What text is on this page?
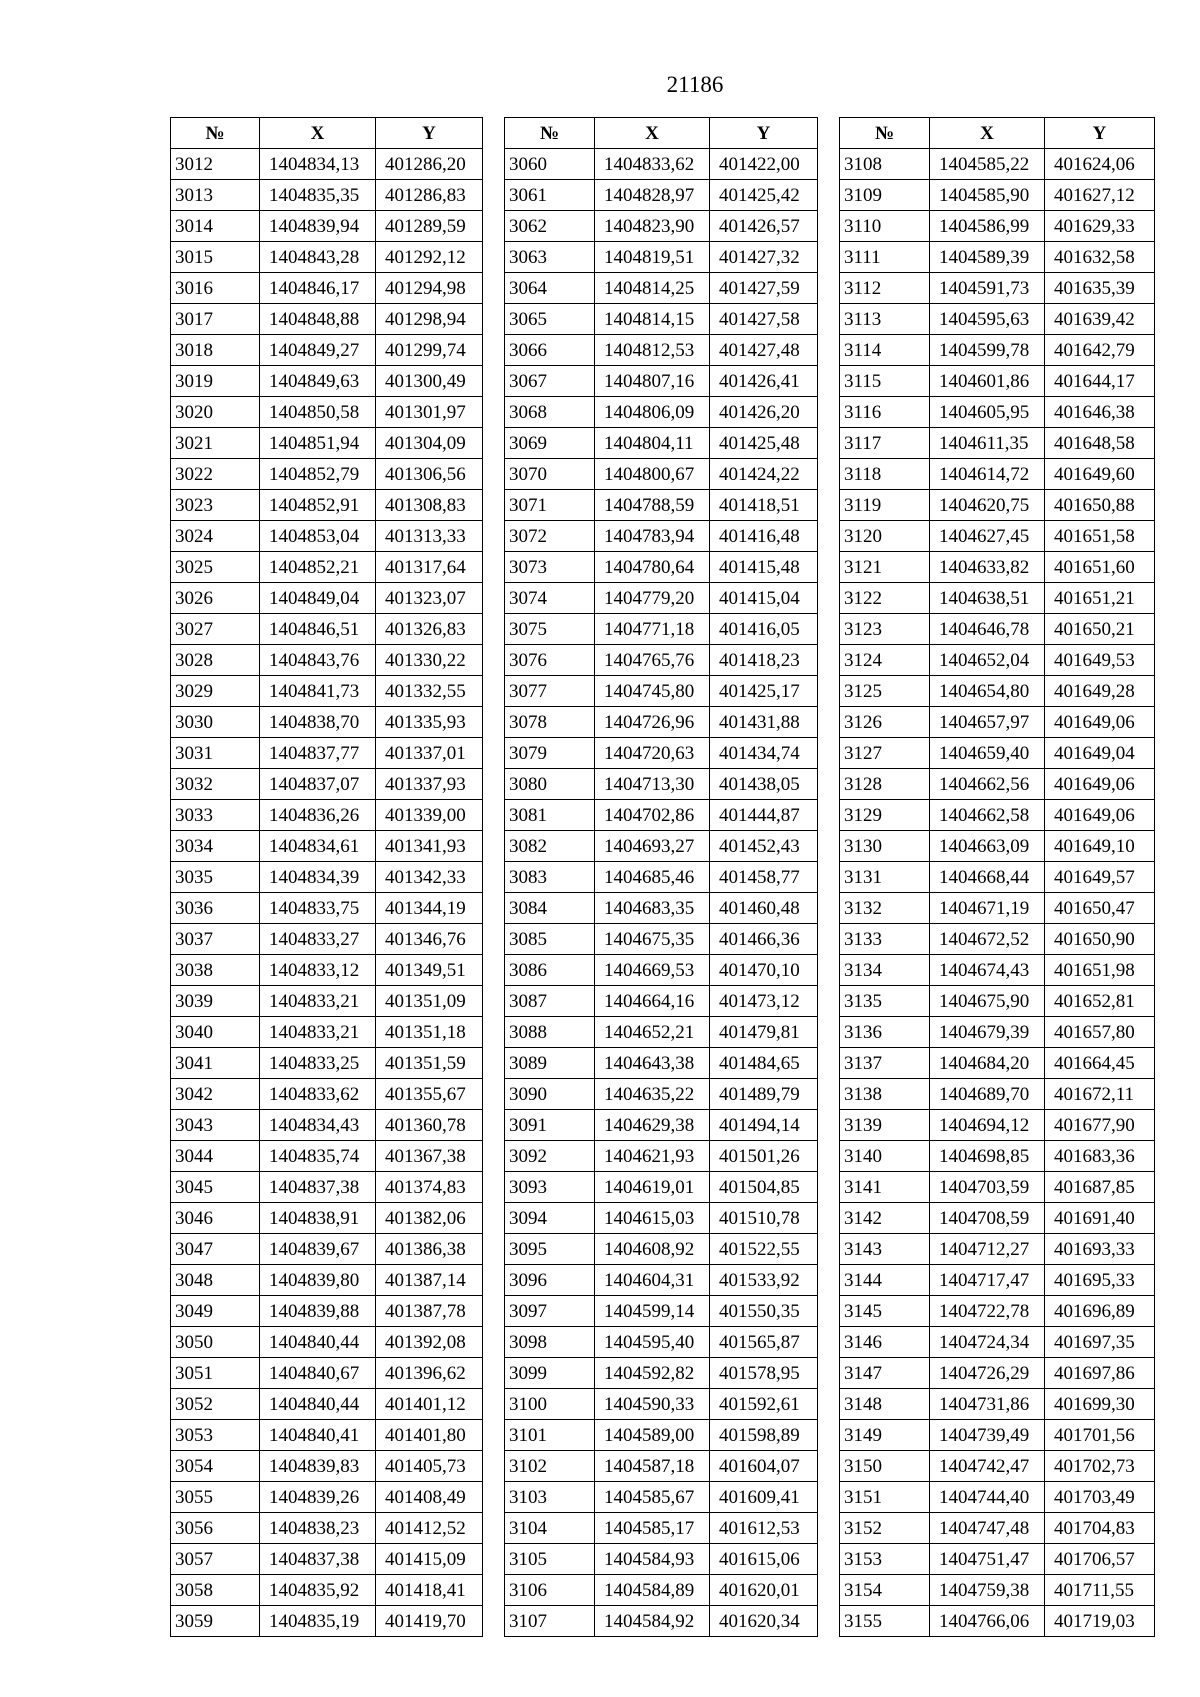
21186
№	X	Y
3012	1404834,13	401286,20
3013	1404835,35	401286,83
3014	1404839,94	401289,59
3015	1404843,28	401292,12
3016	1404846,17	401294,98
3017	1404848,88	401298,94
3018	1404849,27	401299,74
3019	1404849,63	401300,49
3020	1404850,58	401301,97
3021	1404851,94	401304,09
3022	1404852,79	401306,56
3023	1404852,91	401308,83
3024	1404853,04	401313,33
3025	1404852,21	401317,64
3026	1404849,04	401323,07
3027	1404846,51	401326,83
3028	1404843,76	401330,22
3029	1404841,73	401332,55
3030	1404838,70	401335,93
3031	1404837,77	401337,01
3032	1404837,07	401337,93
3033	1404836,26	401339,00
3034	1404834,61	401341,93
3035	1404834,39	401342,33
3036	1404833,75	401344,19
3037	1404833,27	401346,76
3038	1404833,12	401349,51
3039	1404833,21	401351,09
3040	1404833,21	401351,18
3041	1404833,25	401351,59
3042	1404833,62	401355,67
3043	1404834,43	401360,78
3044	1404835,74	401367,38
3045	1404837,38	401374,83
3046	1404838,91	401382,06
3047	1404839,67	401386,38
3048	1404839,80	401387,14
3049	1404839,88	401387,78
3050	1404840,44	401392,08
3051	1404840,67	401396,62
3052	1404840,44	401401,12
3053	1404840,41	401401,80
3054	1404839,83	401405,73
3055	1404839,26	401408,49
3056	1404838,23	401412,52
3057	1404837,38	401415,09
3058	1404835,92	401418,41
3059	1404835,19	401419,70
№	X	Y
3060	1404833,62	401422,00
3061	1404828,97	401425,42
3062	1404823,90	401426,57
3063	1404819,51	401427,32
3064	1404814,25	401427,59
3065	1404814,15	401427,58
3066	1404812,53	401427,48
3067	1404807,16	401426,41
3068	1404806,09	401426,20
3069	1404804,11	401425,48
3070	1404800,67	401424,22
3071	1404788,59	401418,51
3072	1404783,94	401416,48
3073	1404780,64	401415,48
3074	1404779,20	401415,04
3075	1404771,18	401416,05
3076	1404765,76	401418,23
3077	1404745,80	401425,17
3078	1404726,96	401431,88
3079	1404720,63	401434,74
3080	1404713,30	401438,05
3081	1404702,86	401444,87
3082	1404693,27	401452,43
3083	1404685,46	401458,77
3084	1404683,35	401460,48
3085	1404675,35	401466,36
3086	1404669,53	401470,10
3087	1404664,16	401473,12
3088	1404652,21	401479,81
3089	1404643,38	401484,65
3090	1404635,22	401489,79
3091	1404629,38	401494,14
3092	1404621,93	401501,26
3093	1404619,01	401504,85
3094	1404615,03	401510,78
3095	1404608,92	401522,55
3096	1404604,31	401533,92
3097	1404599,14	401550,35
3098	1404595,40	401565,87
3099	1404592,82	401578,95
3100	1404590,33	401592,61
3101	1404589,00	401598,89
3102	1404587,18	401604,07
3103	1404585,67	401609,41
3104	1404585,17	401612,53
3105	1404584,93	401615,06
3106	1404584,89	401620,01
3107	1404584,92	401620,34
№	X	Y
3108	1404585,22	401624,06
3109	1404585,90	401627,12
3110	1404586,99	401629,33
3111	1404589,39	401632,58
3112	1404591,73	401635,39
3113	1404595,63	401639,42
3114	1404599,78	401642,79
3115	1404601,86	401644,17
3116	1404605,95	401646,38
3117	1404611,35	401648,58
3118	1404614,72	401649,60
3119	1404620,75	401650,88
3120	1404627,45	401651,58
3121	1404633,82	401651,60
3122	1404638,51	401651,21
3123	1404646,78	401650,21
3124	1404652,04	401649,53
3125	1404654,80	401649,28
3126	1404657,97	401649,06
3127	1404659,40	401649,04
3128	1404662,56	401649,06
3129	1404662,58	401649,06
3130	1404663,09	401649,10
3131	1404668,44	401649,57
3132	1404671,19	401650,47
3133	1404672,52	401650,90
3134	1404674,43	401651,98
3135	1404675,90	401652,81
3136	1404679,39	401657,80
3137	1404684,20	401664,45
3138	1404689,70	401672,11
3139	1404694,12	401677,90
3140	1404698,85	401683,36
3141	1404703,59	401687,85
3142	1404708,59	401691,40
3143	1404712,27	401693,33
3144	1404717,47	401695,33
3145	1404722,78	401696,89
3146	1404724,34	401697,35
3147	1404726,29	401697,86
3148	1404731,86	401699,30
3149	1404739,49	401701,56
3150	1404742,47	401702,73
3151	1404744,40	401703,49
3152	1404747,48	401704,83
3153	1404751,47	401706,57
3154	1404759,38	401711,55
3155	1404766,06	401719,03
